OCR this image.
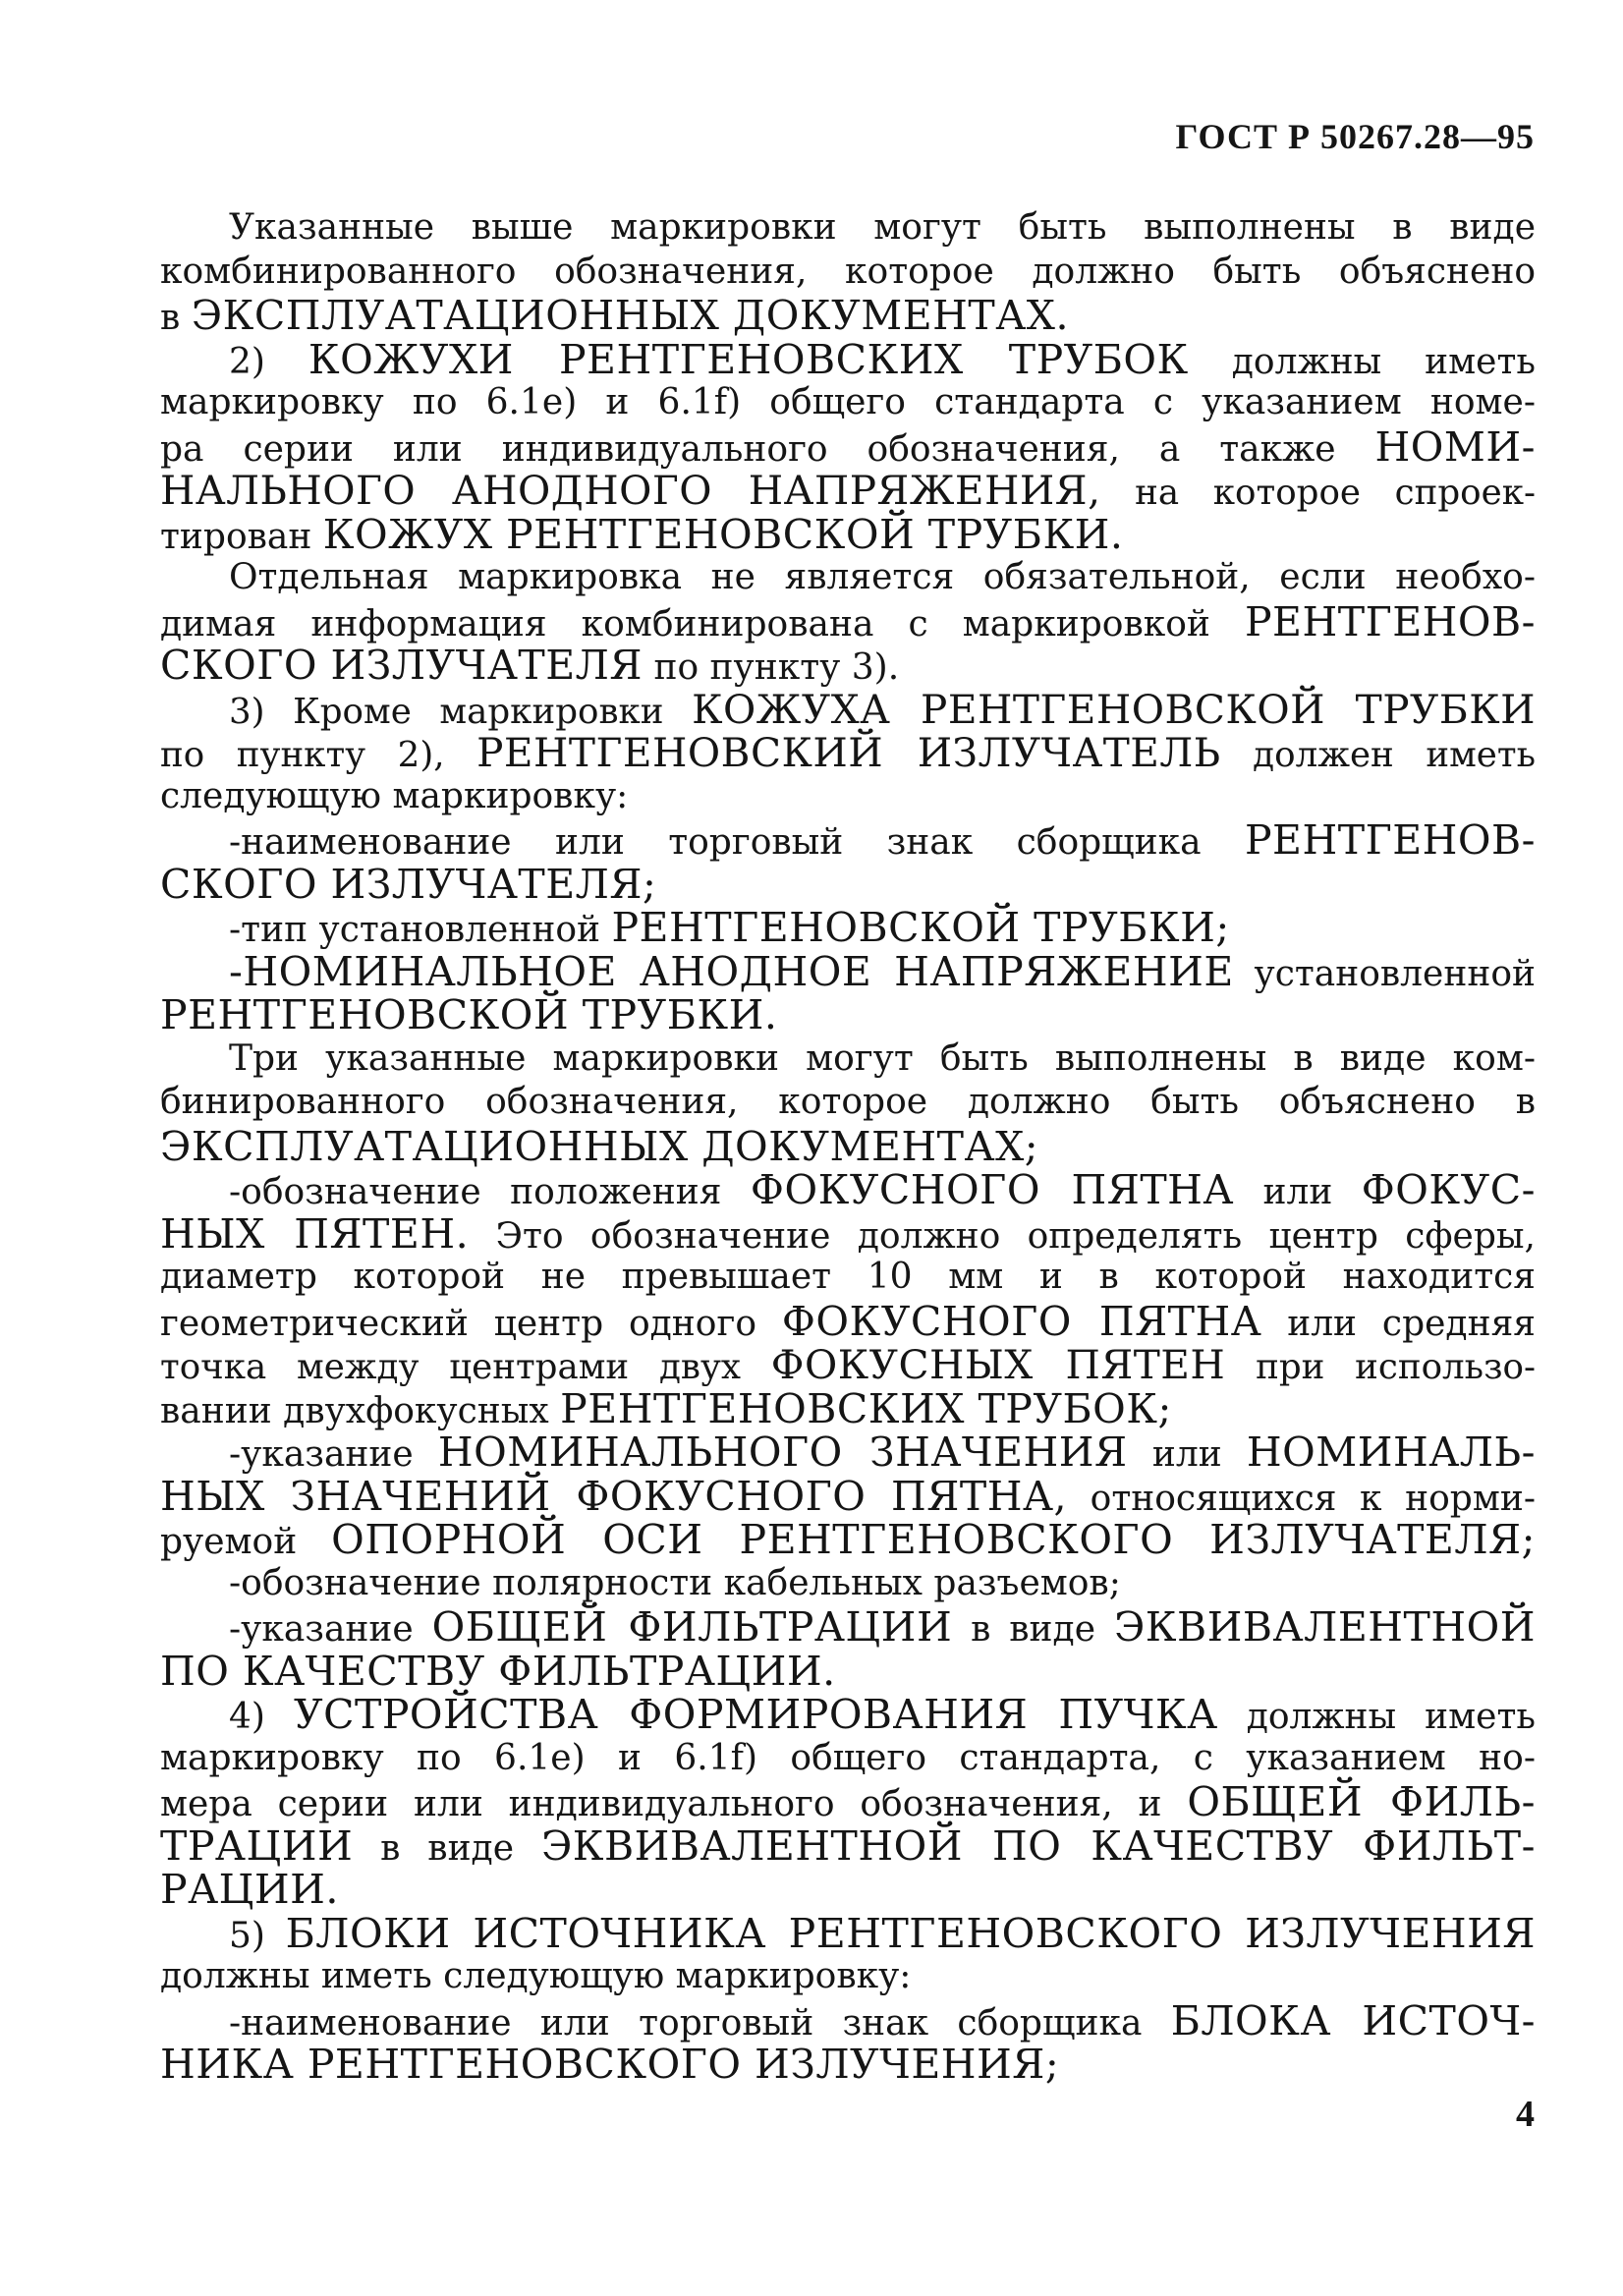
ГОСТ Р 50267.28—95
Указанные выше маркировки могут быть выполнены в виде
комбинированного обозначения, которое должно быть объяснено
в ЭКСПЛУАТАЦИОННЫХ ДОКУМЕНТАХ.
2) КОЖУХИ РЕНТГЕНОВСКИХ ТРУБОК должны иметь
маркировку по 6.1е) и 6.1f) общего стандарта с указанием номе-
ра серии или индивидуального обозначения, а также НОМИ-
НАЛЬНОГО АНОДНОГО НАПРЯЖЕНИЯ, на которое спроек-
тирован КОЖУХ РЕНТГЕНОВСКОЙ ТРУБКИ.
Отдельная маркировка не является обязательной, если необхо-
димая информация комбинирована с маркировкой РЕНТГЕНОВ-
СКОГО ИЗЛУЧАТЕЛЯ по пункту 3).
3) Кроме маркировки КОЖУХА РЕНТГЕНОВСКОЙ ТРУБКИ
по пункту 2), РЕНТГЕНОВСКИЙ ИЗЛУЧАТЕЛЬ должен иметь
следующую маркировку:
-наименование или торговый знак сборщика РЕНТГЕНОВ-
СКОГО ИЗЛУЧАТЕЛЯ;
-тип установленной РЕНТГЕНОВСКОЙ ТРУБКИ;
-НОМИНАЛЬНОЕ АНОДНОЕ НАПРЯЖЕНИЕ установленной
РЕНТГЕНОВСКОЙ ТРУБКИ.
Три указанные маркировки могут быть выполнены в виде ком-
бинированного обозначения, которое должно быть объяснено в
ЭКСПЛУАТАЦИОННЫХ ДОКУМЕНТАХ;
-обозначение положения ФОКУСНОГО ПЯТНА или ФОКУС-
НЫХ ПЯТЕН. Это обозначение должно определять центр сферы,
диаметр которой не превышает 10 мм и в которой находится
геометрический центр одного ФОКУСНОГО ПЯТНА или средняя
точка между центрами двух ФОКУСНЫХ ПЯТЕН при использо-
вании двухфокусных РЕНТГЕНОВСКИХ ТРУБОК;
-указание НОМИНАЛЬНОГО ЗНАЧЕНИЯ или НОМИНАЛЬ-
НЫХ ЗНАЧЕНИЙ ФОКУСНОГО ПЯТНА, относящихся к норми-
руемой ОПОРНОЙ ОСИ РЕНТГЕНОВСКОГО ИЗЛУЧАТЕЛЯ;
-обозначение полярности кабельных разъемов;
-указание ОБЩЕЙ ФИЛЬТРАЦИИ в виде ЭКВИВАЛЕНТНОЙ
ПО КАЧЕСТВУ ФИЛЬТРАЦИИ.
4) УСТРОЙСТВА ФОРМИРОВАНИЯ ПУЧКА должны иметь
маркировку по 6.1е) и 6.1f) общего стандарта, с указанием но-
мера серии или индивидуального обозначения, и ОБЩЕЙ ФИЛЬ-
ТРАЦИИ в виде ЭКВИВАЛЕНТНОЙ ПО КАЧЕСТВУ ФИЛЬТ-
РАЦИИ.
5) БЛОКИ ИСТОЧНИКА РЕНТГЕНОВСКОГО ИЗЛУЧЕНИЯ
должны иметь следующую маркировку:
-наименование или торговый знак сборщика БЛОКА ИСТОЧ-
НИКА РЕНТГЕНОВСКОГО ИЗЛУЧЕНИЯ;
4
